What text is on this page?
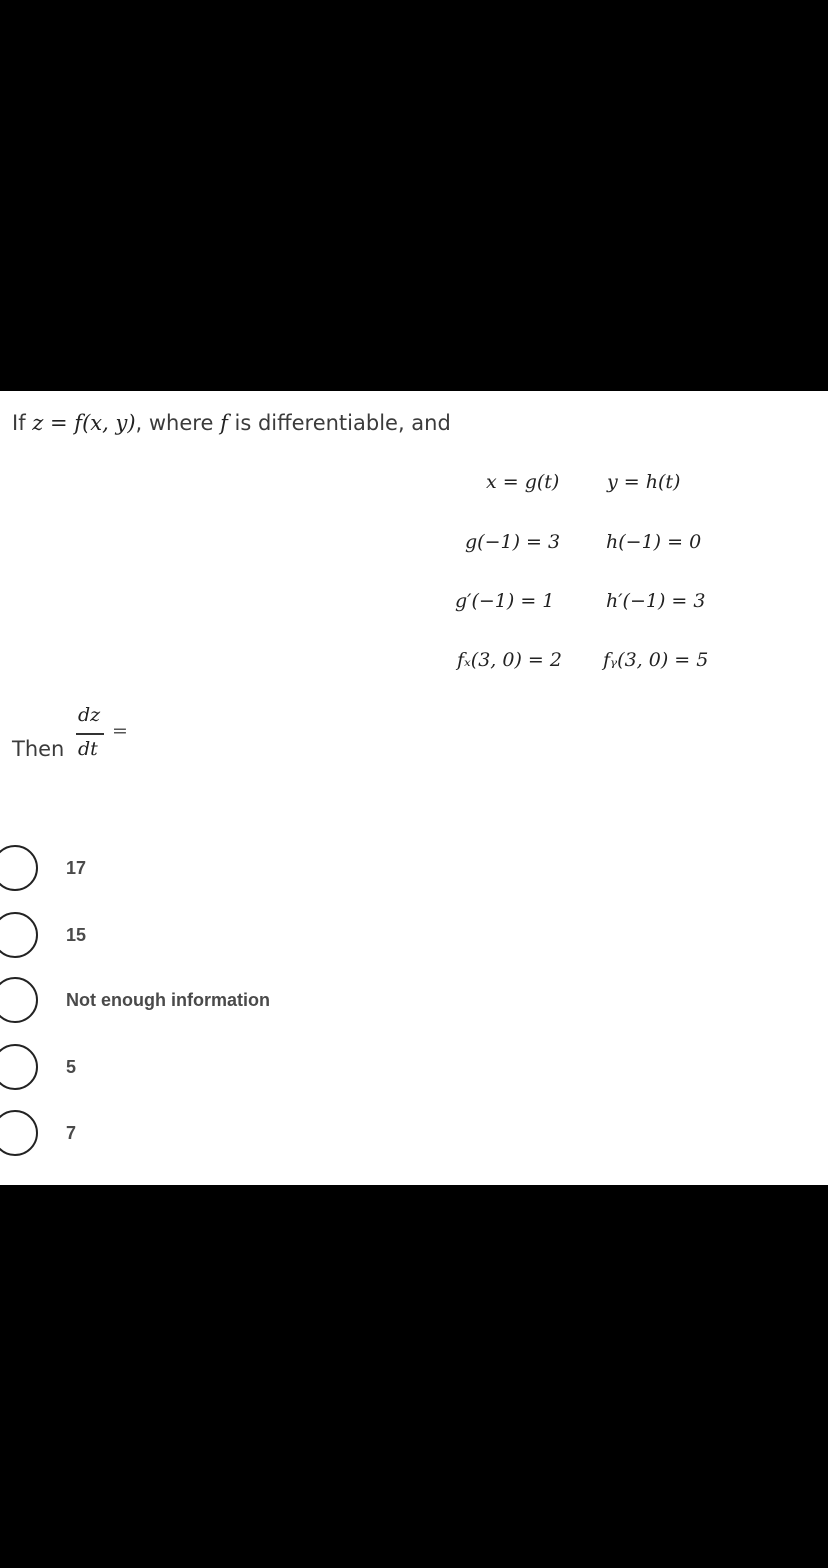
If z = f(x, y), where f is differentiable, and
x = g(t)	y = h(t)
g(−1) = 3 h(−1) = 0
g′(−1) = 1	h′(−1) = 3
fₓ(3, 0) = 2 fᵧ(3, 0) = 5
Then
dz
dt
=
17
15
Not enough information
5
7
